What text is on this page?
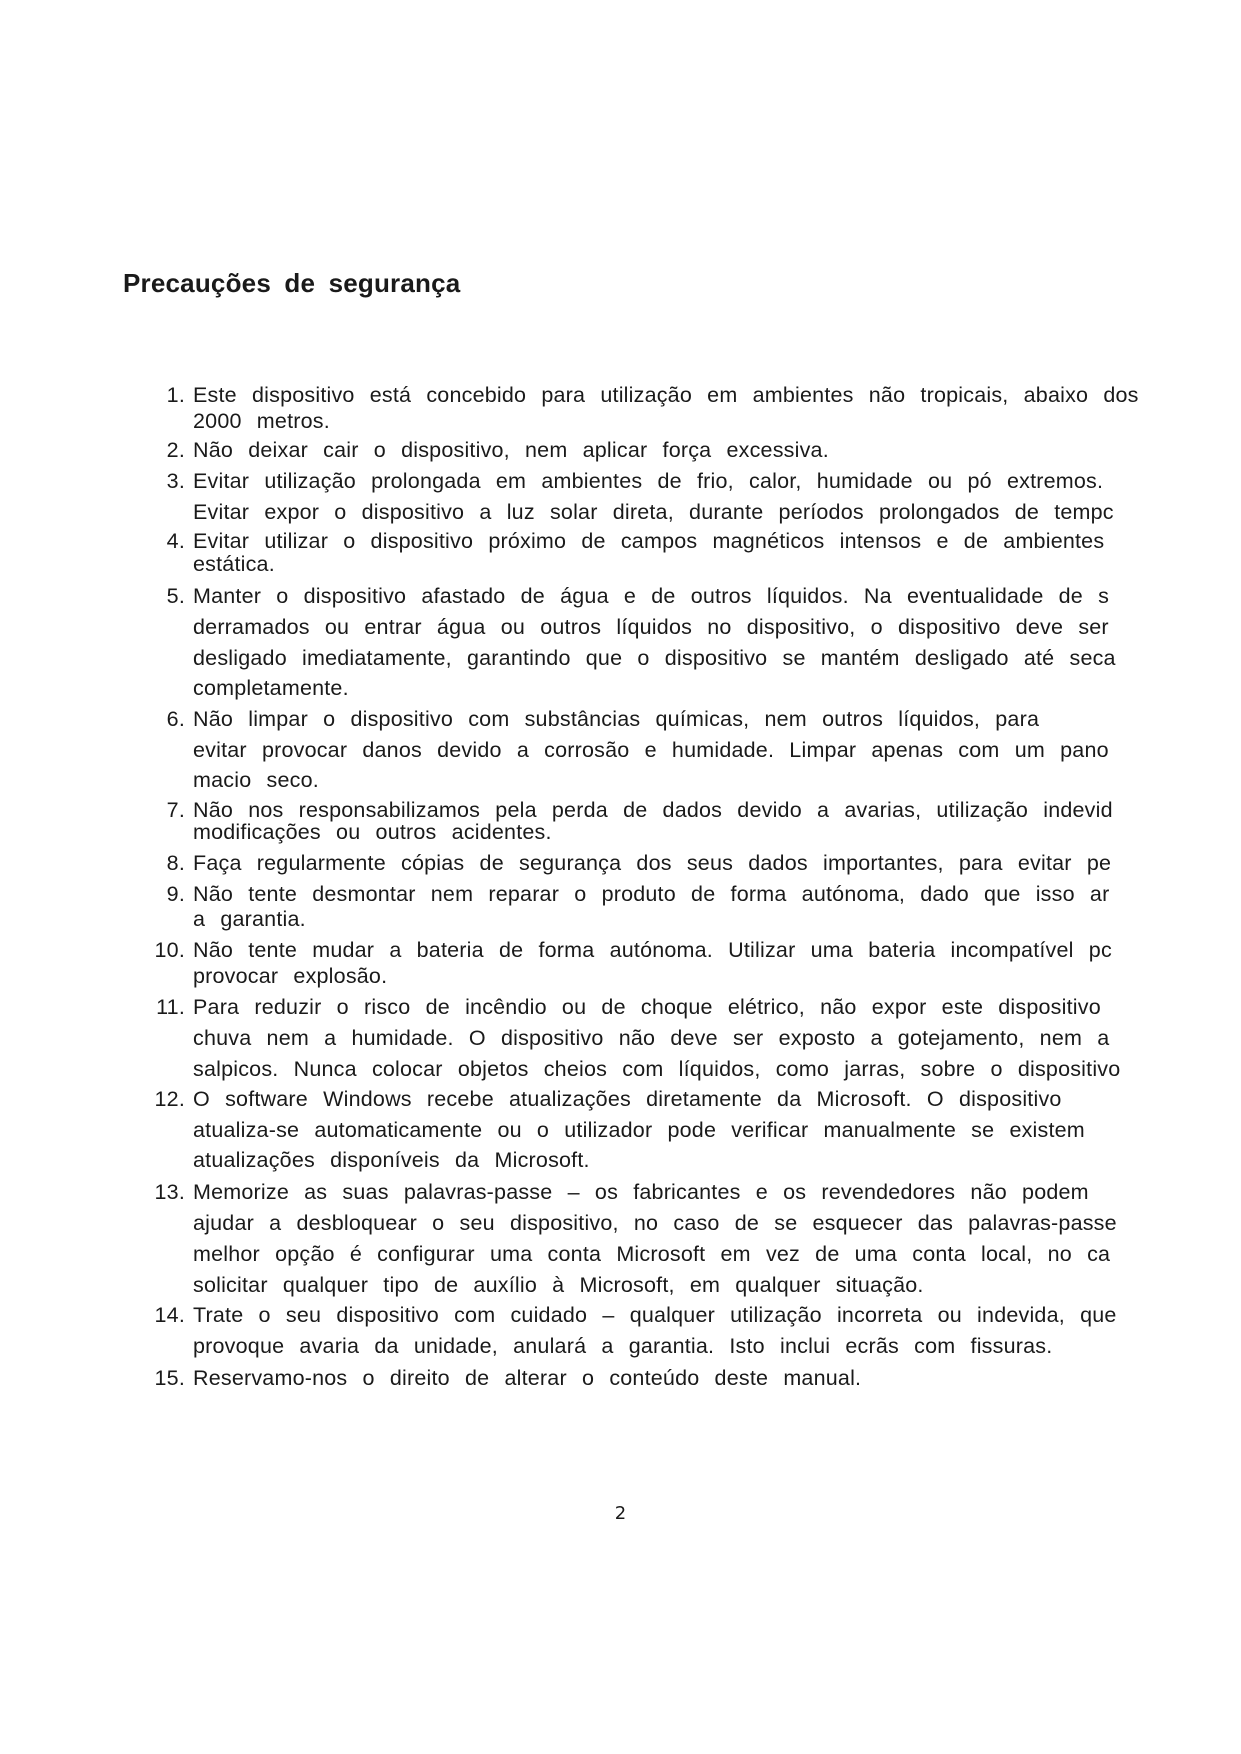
Precauções de segurança
1. Este dispositivo está concebido para utilização em ambientes não tropicais, abaixo dos
2000 metros.
2. Não deixar cair o dispositivo, nem aplicar força excessiva.
3. Evitar utilização prolongada em ambientes de frio, calor, humidade ou pó extremos.
Evitar expor o dispositivo a luz solar direta, durante períodos prolongados de tempc
4. Evitar utilizar o dispositivo próximo de campos magnéticos intensos e de ambientes
estática.
5. Manter o dispositivo afastado de água e de outros líquidos. Na eventualidade de s
derramados ou entrar água ou outros líquidos no dispositivo, o dispositivo deve ser
desligado imediatamente, garantindo que o dispositivo se mantém desligado até seca
completamente.
6. Não limpar o dispositivo com substâncias químicas, nem outros líquidos, para
evitar provocar danos devido a corrosão e humidade. Limpar apenas com um pano
macio seco.
7. Não nos responsabilizamos pela perda de dados devido a avarias, utilização indevid
modificações ou outros acidentes.
8. Faça regularmente cópias de segurança dos seus dados importantes, para evitar pe
9. Não tente desmontar nem reparar o produto de forma autónoma, dado que isso ar
a garantia.
10. Não tente mudar a bateria de forma autónoma. Utilizar uma bateria incompatível pc
provocar explosão.
11. Para reduzir o risco de incêndio ou de choque elétrico, não expor este dispositivo
chuva nem a humidade. O dispositivo não deve ser exposto a gotejamento, nem a
salpicos. Nunca colocar objetos cheios com líquidos, como jarras, sobre o dispositivo
12. O software Windows recebe atualizações diretamente da Microsoft. O dispositivo
atualiza-se automaticamente ou o utilizador pode verificar manualmente se existem
atualizações disponíveis da Microsoft.
13. Memorize as suas palavras-passe – os fabricantes e os revendedores não podem
ajudar a desbloquear o seu dispositivo, no caso de se esquecer das palavras-passe
melhor opção é configurar uma conta Microsoft em vez de uma conta local, no ca
solicitar qualquer tipo de auxílio à Microsoft, em qualquer situação.
14. Trate o seu dispositivo com cuidado – qualquer utilização incorreta ou indevida, que
provoque avaria da unidade, anulará a garantia. Isto inclui ecrãs com fissuras.
15. Reservamo-nos o direito de alterar o conteúdo deste manual.
2
